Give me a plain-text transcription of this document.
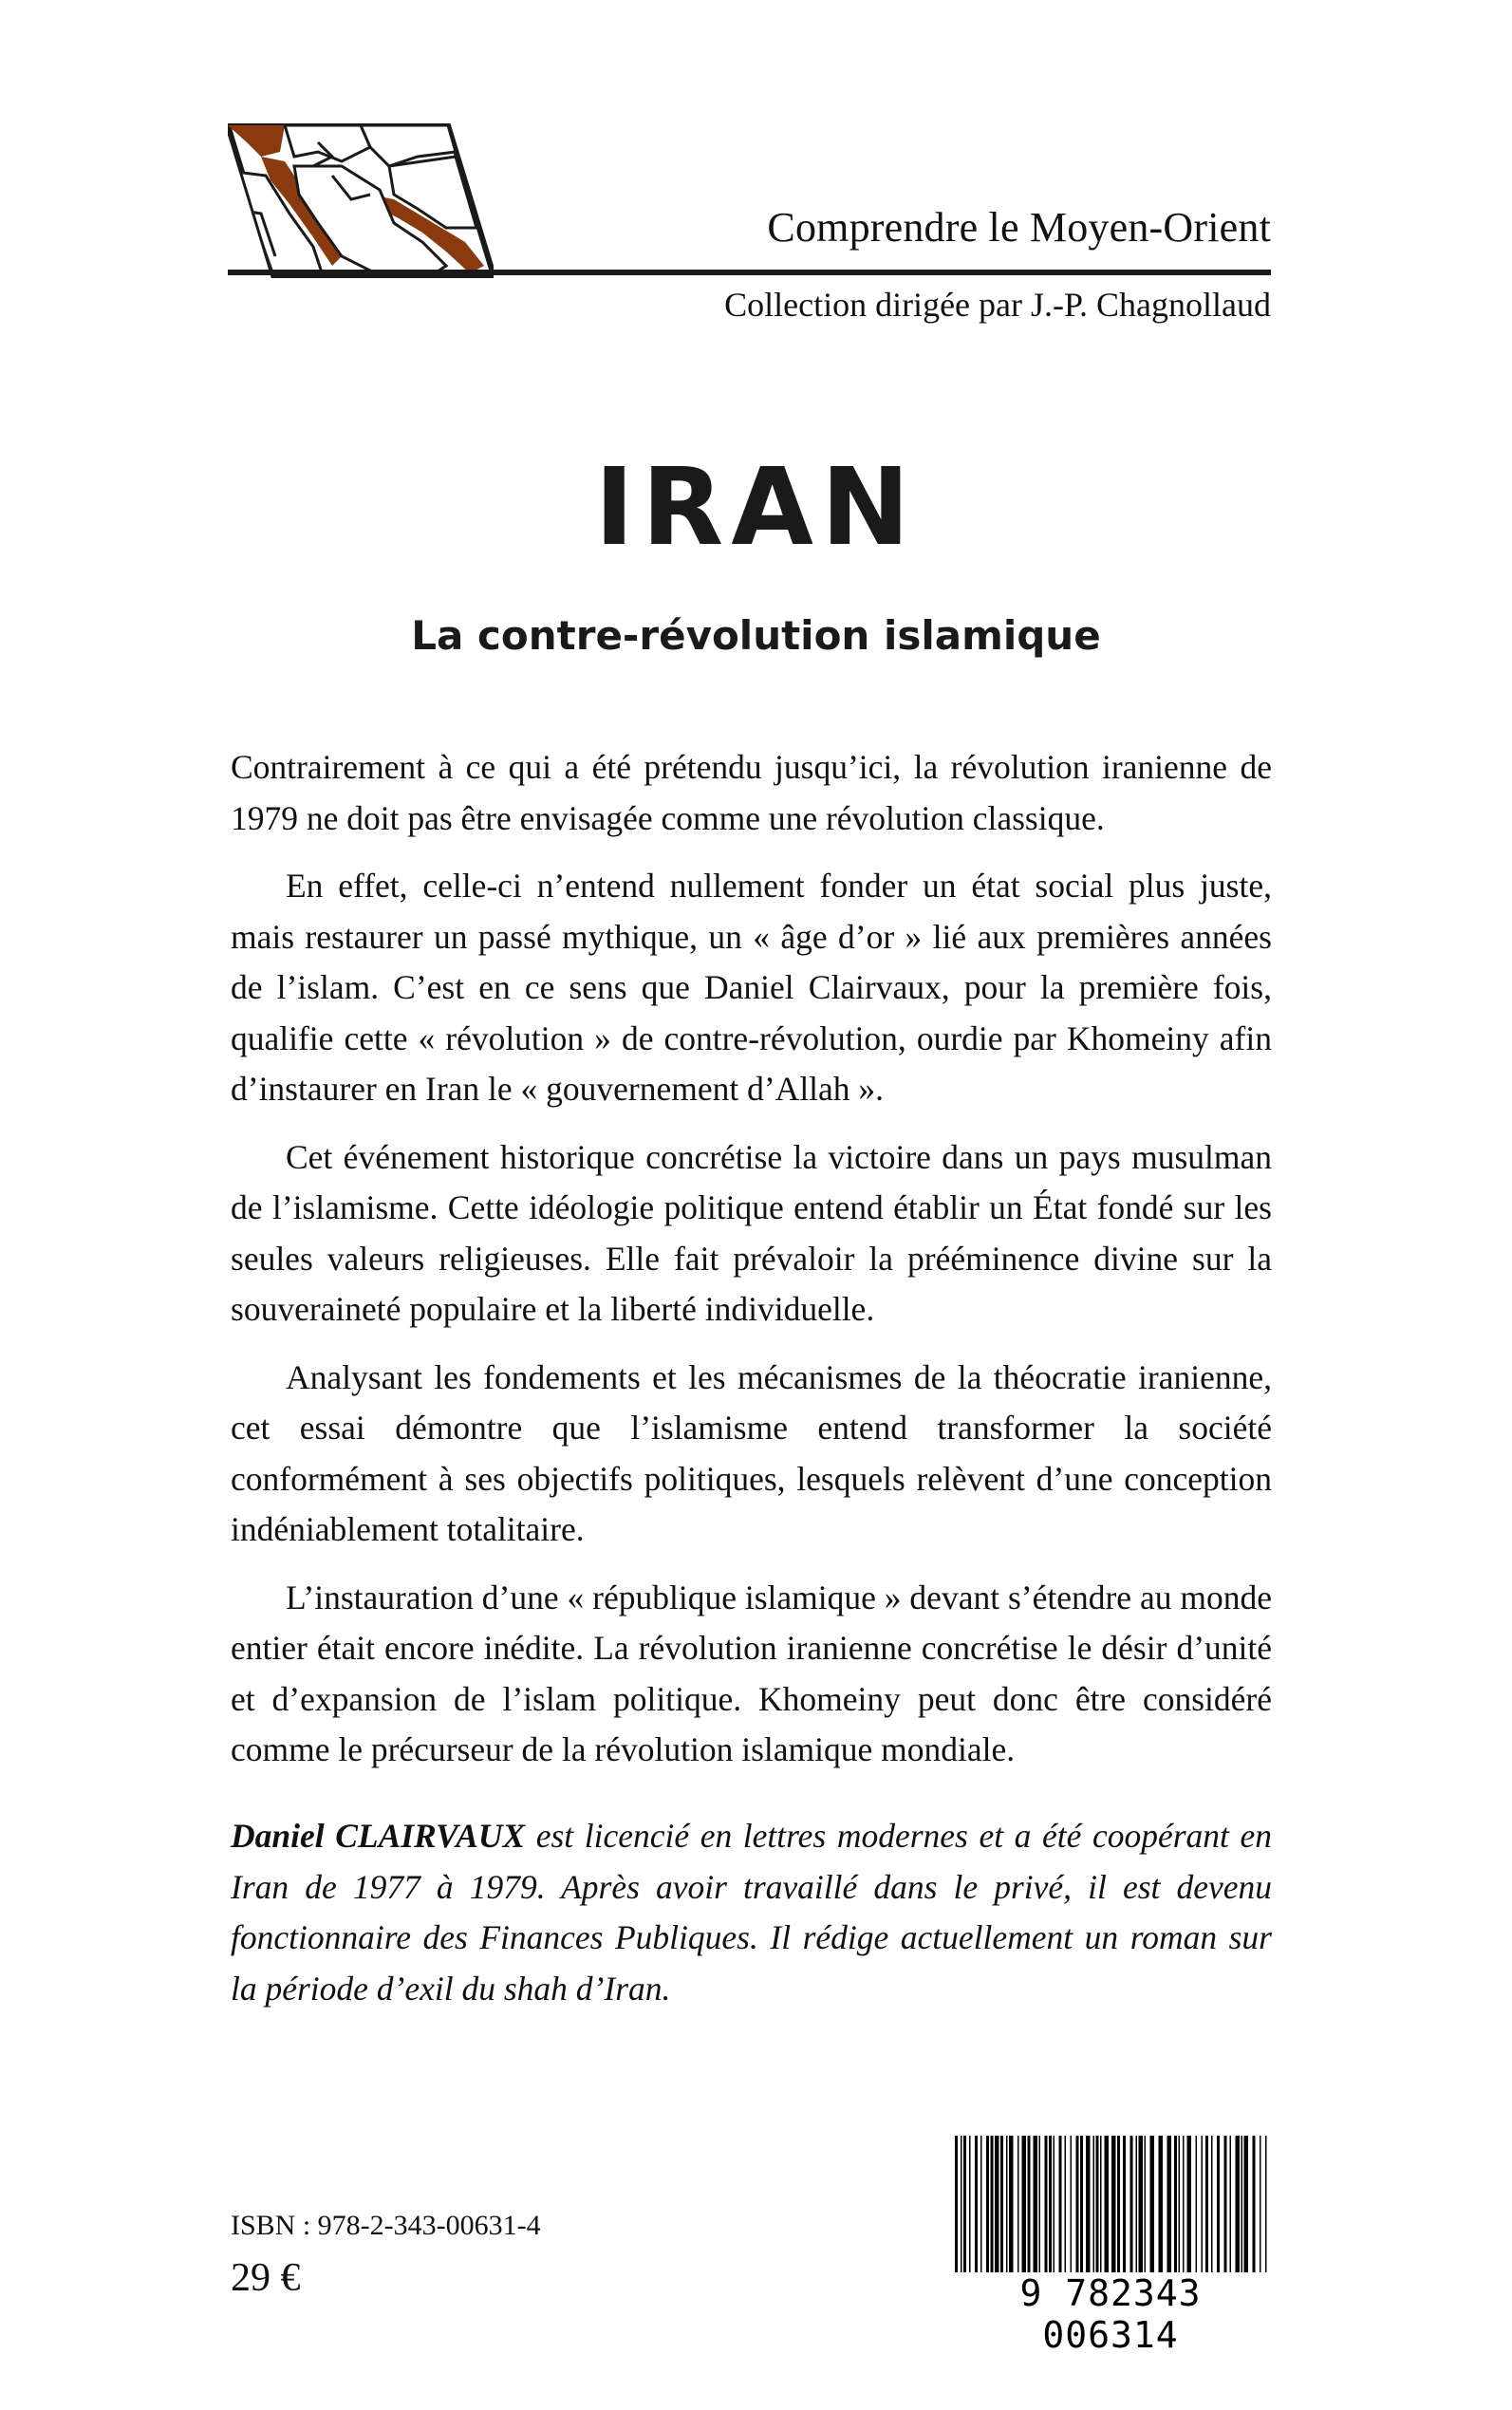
Comprendre le Moyen-Orient
Collection dirigée par J.-P. Chagnollaud
IRAN
La contre-révolution islamique

Contrairement à ce qui a été prétendu jusqu’ici, la révolution iranienne de 1979 ne doit pas être envisagée comme une révolution classique.

En effet, celle-ci n’entend nullement fonder un état social plus juste, mais restaurer un passé mythique, un « âge d’or » lié aux premières années de l’islam. C’est en ce sens que Daniel Clairvaux, pour la première fois, qualifie cette « révolution » de contre-révolution, ourdie par Khomeiny afin d’instaurer en Iran le « gouvernement d’Allah ».

Cet événement historique concrétise la victoire dans un pays musulman de l’islamisme. Cette idéologie politique entend établir un État fondé sur les seules valeurs religieuses. Elle fait prévaloir la prééminence divine sur la souveraineté populaire et la liberté individuelle.

Analysant les fondements et les mécanismes de la théocratie iranienne, cet essai démontre que l’islamisme entend transformer la société conformément à ses objectifs politiques, lesquels relèvent d’une conception indéniablement totalitaire.

L’instauration d’une « république islamique » devant s’étendre au monde entier était encore inédite. La révolution iranienne concrétise le désir d’unité et d’expansion de l’islam politique. Khomeiny peut donc être considéré comme le précurseur de la révolution islamique mondiale.

Daniel CLAIRVAUX est licencié en lettres modernes et a été coopérant en Iran de 1977 à 1979. Après avoir travaillé dans le privé, il est devenu fonctionnaire des Finances Publiques. Il rédige actuellement un roman sur la période d’exil du shah d’Iran.
ISBN : 978-2-343-00631-4
29 €	9 782343 006314
